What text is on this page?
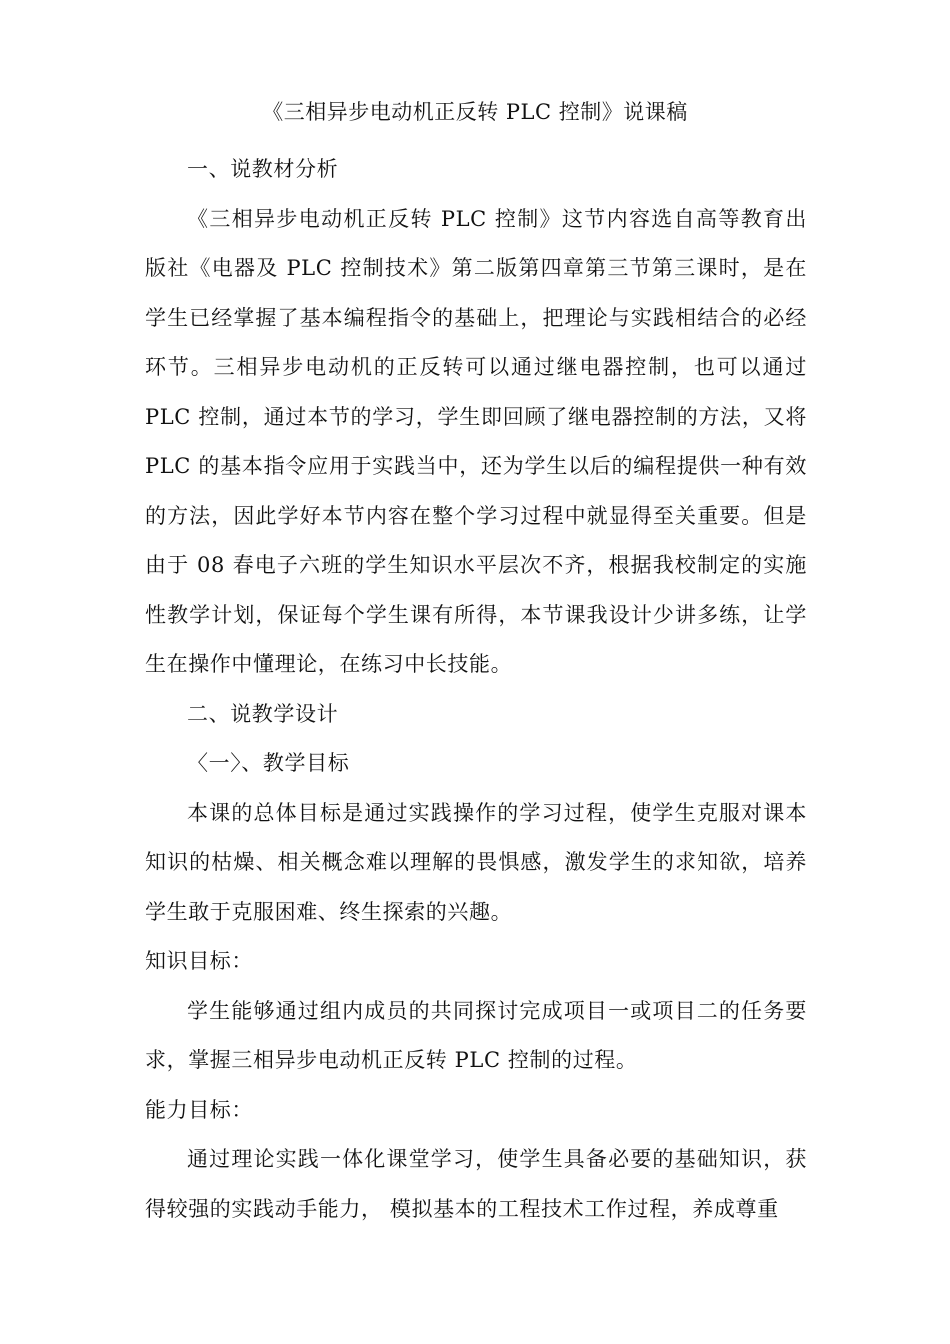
《三相异步电动机正反转 PLC 控制》说课稿

一、说教材分析

《三相异步电动机正反转 PLC 控制》这节内容选自高等教育出版社《电器及 PLC 控制技术》第二版第四章第三节第三课时，是在学生已经掌握了基本编程指令的基础上，把理论与实践相结合的必经环节。三相异步电动机的正反转可以通过继电器控制，也可以通过 PLC 控制，通过本节的学习，学生即回顾了继电器控制的方法，又将 PLC 的基本指令应用于实践当中，还为学生以后的编程提供一种有效的方法，因此学好本节内容在整个学习过程中就显得至关重要。但是由于 08 春电子六班的学生知识水平层次不齐，根据我校制定的实施性教学计划，保证每个学生课有所得，本节课我设计少讲多练，让学生在操作中懂理论，在练习中长技能。

二、说教学设计

〈一〉、教学目标

本课的总体目标是通过实践操作的学习过程，使学生克服对课本知识的枯燥、相关概念难以理解的畏惧感，激发学生的求知欲，培养学生敢于克服困难、终生探索的兴趣。

知识目标：

学生能够通过组内成员的共同探讨完成项目一或项目二的任务要求，掌握三相异步电动机正反转 PLC 控制的过程。

能力目标：

通过理论实践一体化课堂学习，使学生具备必要的基础知识，获得较强的实践动手能力， 模拟基本的工程技术工作过程，养成尊重
